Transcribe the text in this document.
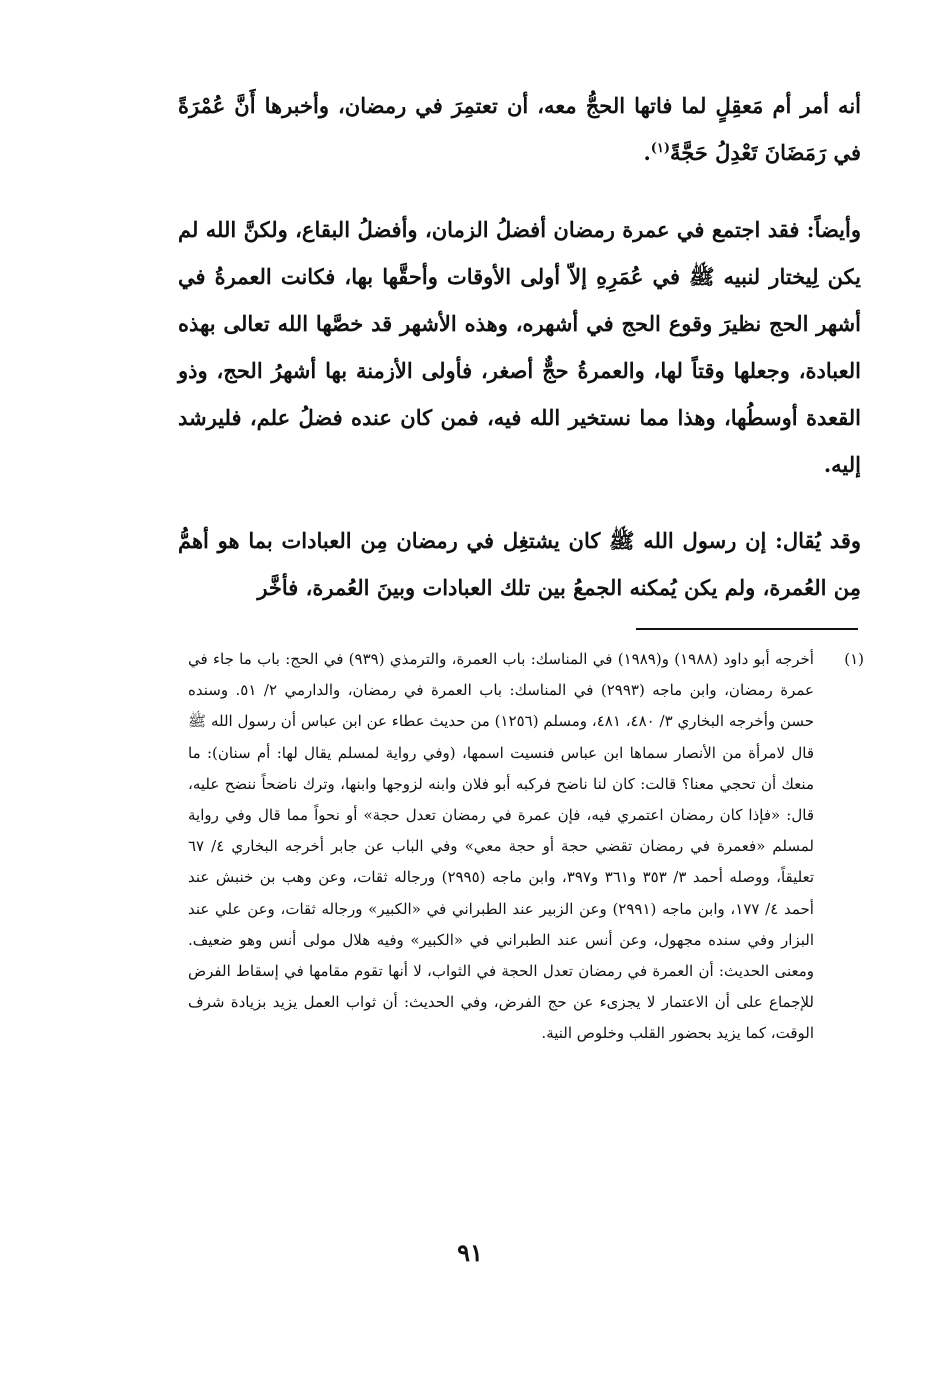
أنه أمر أم مَعقِلٍ لما فاتها الحجُّ معه، أن تعتمِرَ في رمضان، وأخبرها أَنَّ عُمْرَةً في رَمَضَانَ تَعْدِلُ حَجَّةً$^{(١)}$.

وأيضاً: فقد اجتمع في عمرة رمضان أفضلُ الزمان، وأفضلُ البقاع، ولكنَّ الله لم يكن لِيختار لنبيه ﷺ في عُمَرِهِ إلاّ أولى الأوقات وأحقَّها بها، فكانت العمرةُ في أشهر الحج نظيرَ وقوع الحج في أشهره، وهذه الأشهر قد خصَّها الله تعالى بهذه العبادة، وجعلها وقتاً لها، والعمرةُ حجٌّ أصغر، فأولى الأزمنة بها أشهرُ الحج، وذو القعدة أوسطُها، وهذا مما نستخير الله فيه، فمن كان عنده فضلُ علم، فليرشد إليه.

وقد يُقال: إن رسول الله ﷺ كان يشتغِل في رمضان مِن العبادات بما هو أهمُّ مِن العُمرة، ولم يكن يُمكنه الجمعُ بين تلك العبادات وبينَ العُمرة، فأخَّر

(١)

أخرجه أبو داود (١٩٨٨) و(١٩٨٩) في المناسك: باب العمرة، والترمذي (٩٣٩) في الحج: باب ما جاء في عمرة رمضان، وابن ماجه (٢٩٩٣) في المناسك: باب العمرة في رمضان، والدارمي ٢/ ٥١. وسنده حسن وأخرجه البخاري ٣/ ٤٨٠، ٤٨١، ومسلم (١٢٥٦) من حديث عطاء عن ابن عباس أن رسول الله ﷺ قال لامرأة من الأنصار سماها ابن عباس فنسيت اسمها، (وفي رواية لمسلم يقال لها: أم سنان): ما منعك أن تحجي معنا؟ قالت: كان لنا ناضح فركبه أبو فلان وابنه لزوجها وابنها، وترك ناضحاً ننضح عليه، قال: «فإذا كان رمضان اعتمري فيه، فإن عمرة في رمضان تعدل حجة» أو نحواً مما قال وفي رواية لمسلم «فعمرة في رمضان تقضي حجة أو حجة معي» وفي الباب عن جابر أخرجه البخاري ٤/ ٦٧ تعليقاً، ووصله أحمد ٣/ ٣٥٣ و٣٦١ و٣٩٧، وابن ماجه (٢٩٩٥) ورجاله ثقات، وعن وهب بن خنبش عند أحمد ٤/ ١٧٧، وابن ماجه (٢٩٩١) وعن الزبير عند الطبراني في «الكبير» ورجاله ثقات، وعن علي عند البزار وفي سنده مجهول، وعن أنس عند الطبراني في «الكبير» وفيه هلال مولى أنس وهو ضعيف. ومعنى الحديث: أن العمرة في رمضان تعدل الحجة في الثواب، لا أنها تقوم مقامها في إسقاط الفرض للإجماع على أن الاعتمار لا يجزىء عن حج الفرض، وفي الحديث: أن ثواب العمل يزيد بزيادة شرف الوقت، كما يزيد بحضور القلب وخلوص النية.

٩١
